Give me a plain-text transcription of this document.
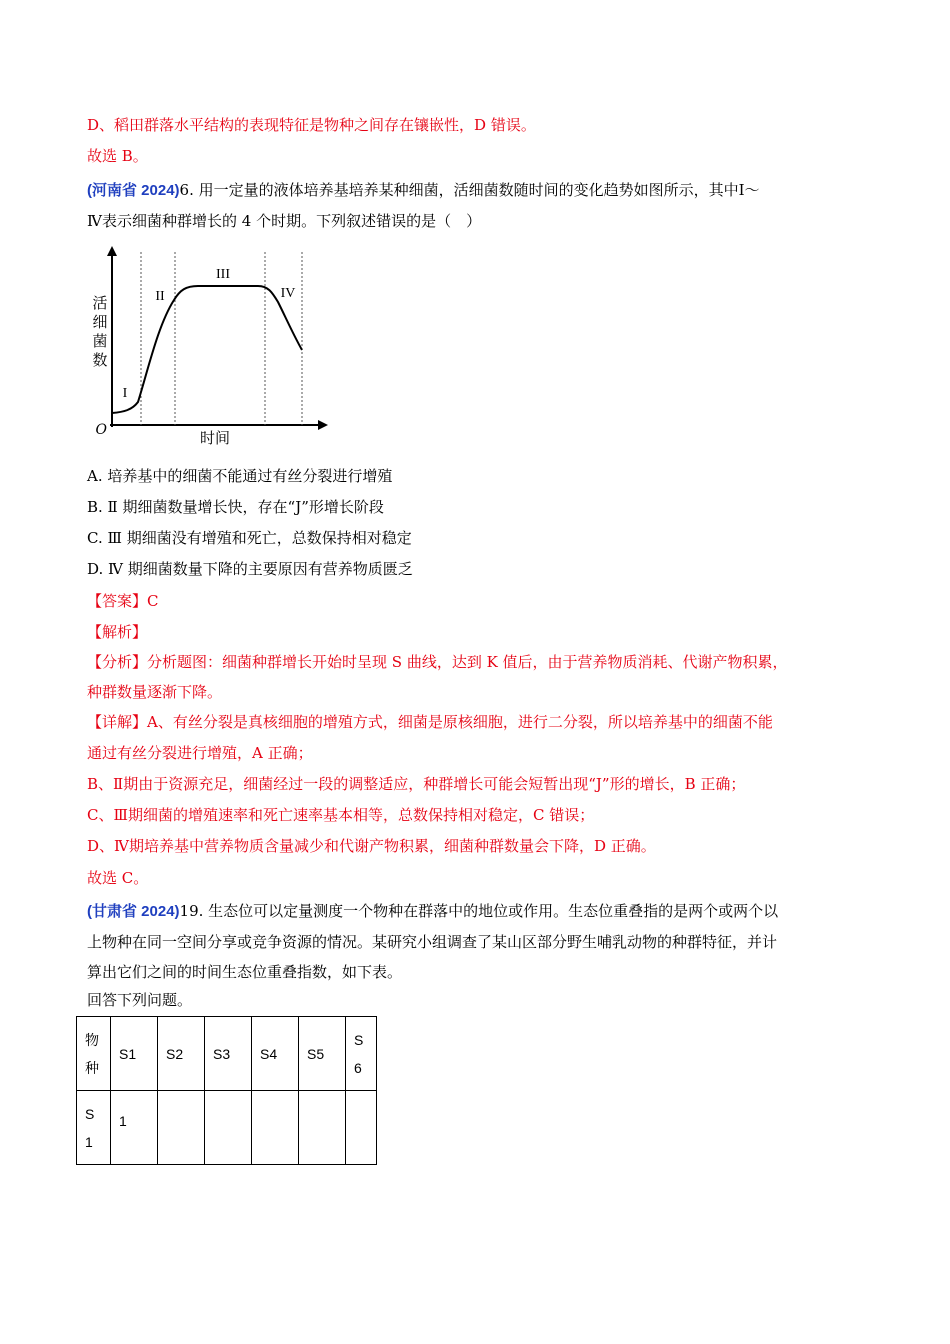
D、稻田群落水平结构的表现特征是物种之间存在镶嵌性，D 错误。
故选 B。
(河南省 2024)6. 用一定量的液体培养基培养某种细菌，活细菌数随时间的变化趋势如图所示，其中Ⅰ～
Ⅳ表示细菌种群增长的 4 个时期。下列叙述错误的是（　）
O	时间
活
细
菌
数
I
II
III
IV
A. 培养基中的细菌不能通过有丝分裂进行增殖
B. Ⅱ 期细菌数量增长快，存在“J”形增长阶段
C. Ⅲ 期细菌没有增殖和死亡，总数保持相对稳定
D. Ⅳ 期细菌数量下降的主要原因有营养物质匮乏
【答案】C
【解析】
【分析】分析题图：细菌种群增长开始时呈现 S 曲线，达到 K 值后，由于营养物质消耗、代谢产物积累，
种群数量逐渐下降。
【详解】A、有丝分裂是真核细胞的增殖方式，细菌是原核细胞，进行二分裂，所以培养基中的细菌不能
通过有丝分裂进行增殖，A 正确；
B、Ⅱ期由于资源充足，细菌经过一段的调整适应，种群增长可能会短暂出现“J”形的增长，B 正确；
C、Ⅲ期细菌的增殖速率和死亡速率基本相等，总数保持相对稳定，C 错误；
D、Ⅳ期培养基中营养物质含量减少和代谢产物积累，细菌种群数量会下降，D 正确。
故选 C。
(甘肃省 2024)19. 生态位可以定量测度一个物种在群落中的地位或作用。生态位重叠指的是两个或两个以
上物种在同一空间分享或竞争资源的情况。某研究小组调查了某山区部分野生哺乳动物的种群特征，并计
算出它们之间的时间生态位重叠指数，如下表。
回答下列问题。
物种	S1	S2	S3	S4	S5	S6
S1	1					
